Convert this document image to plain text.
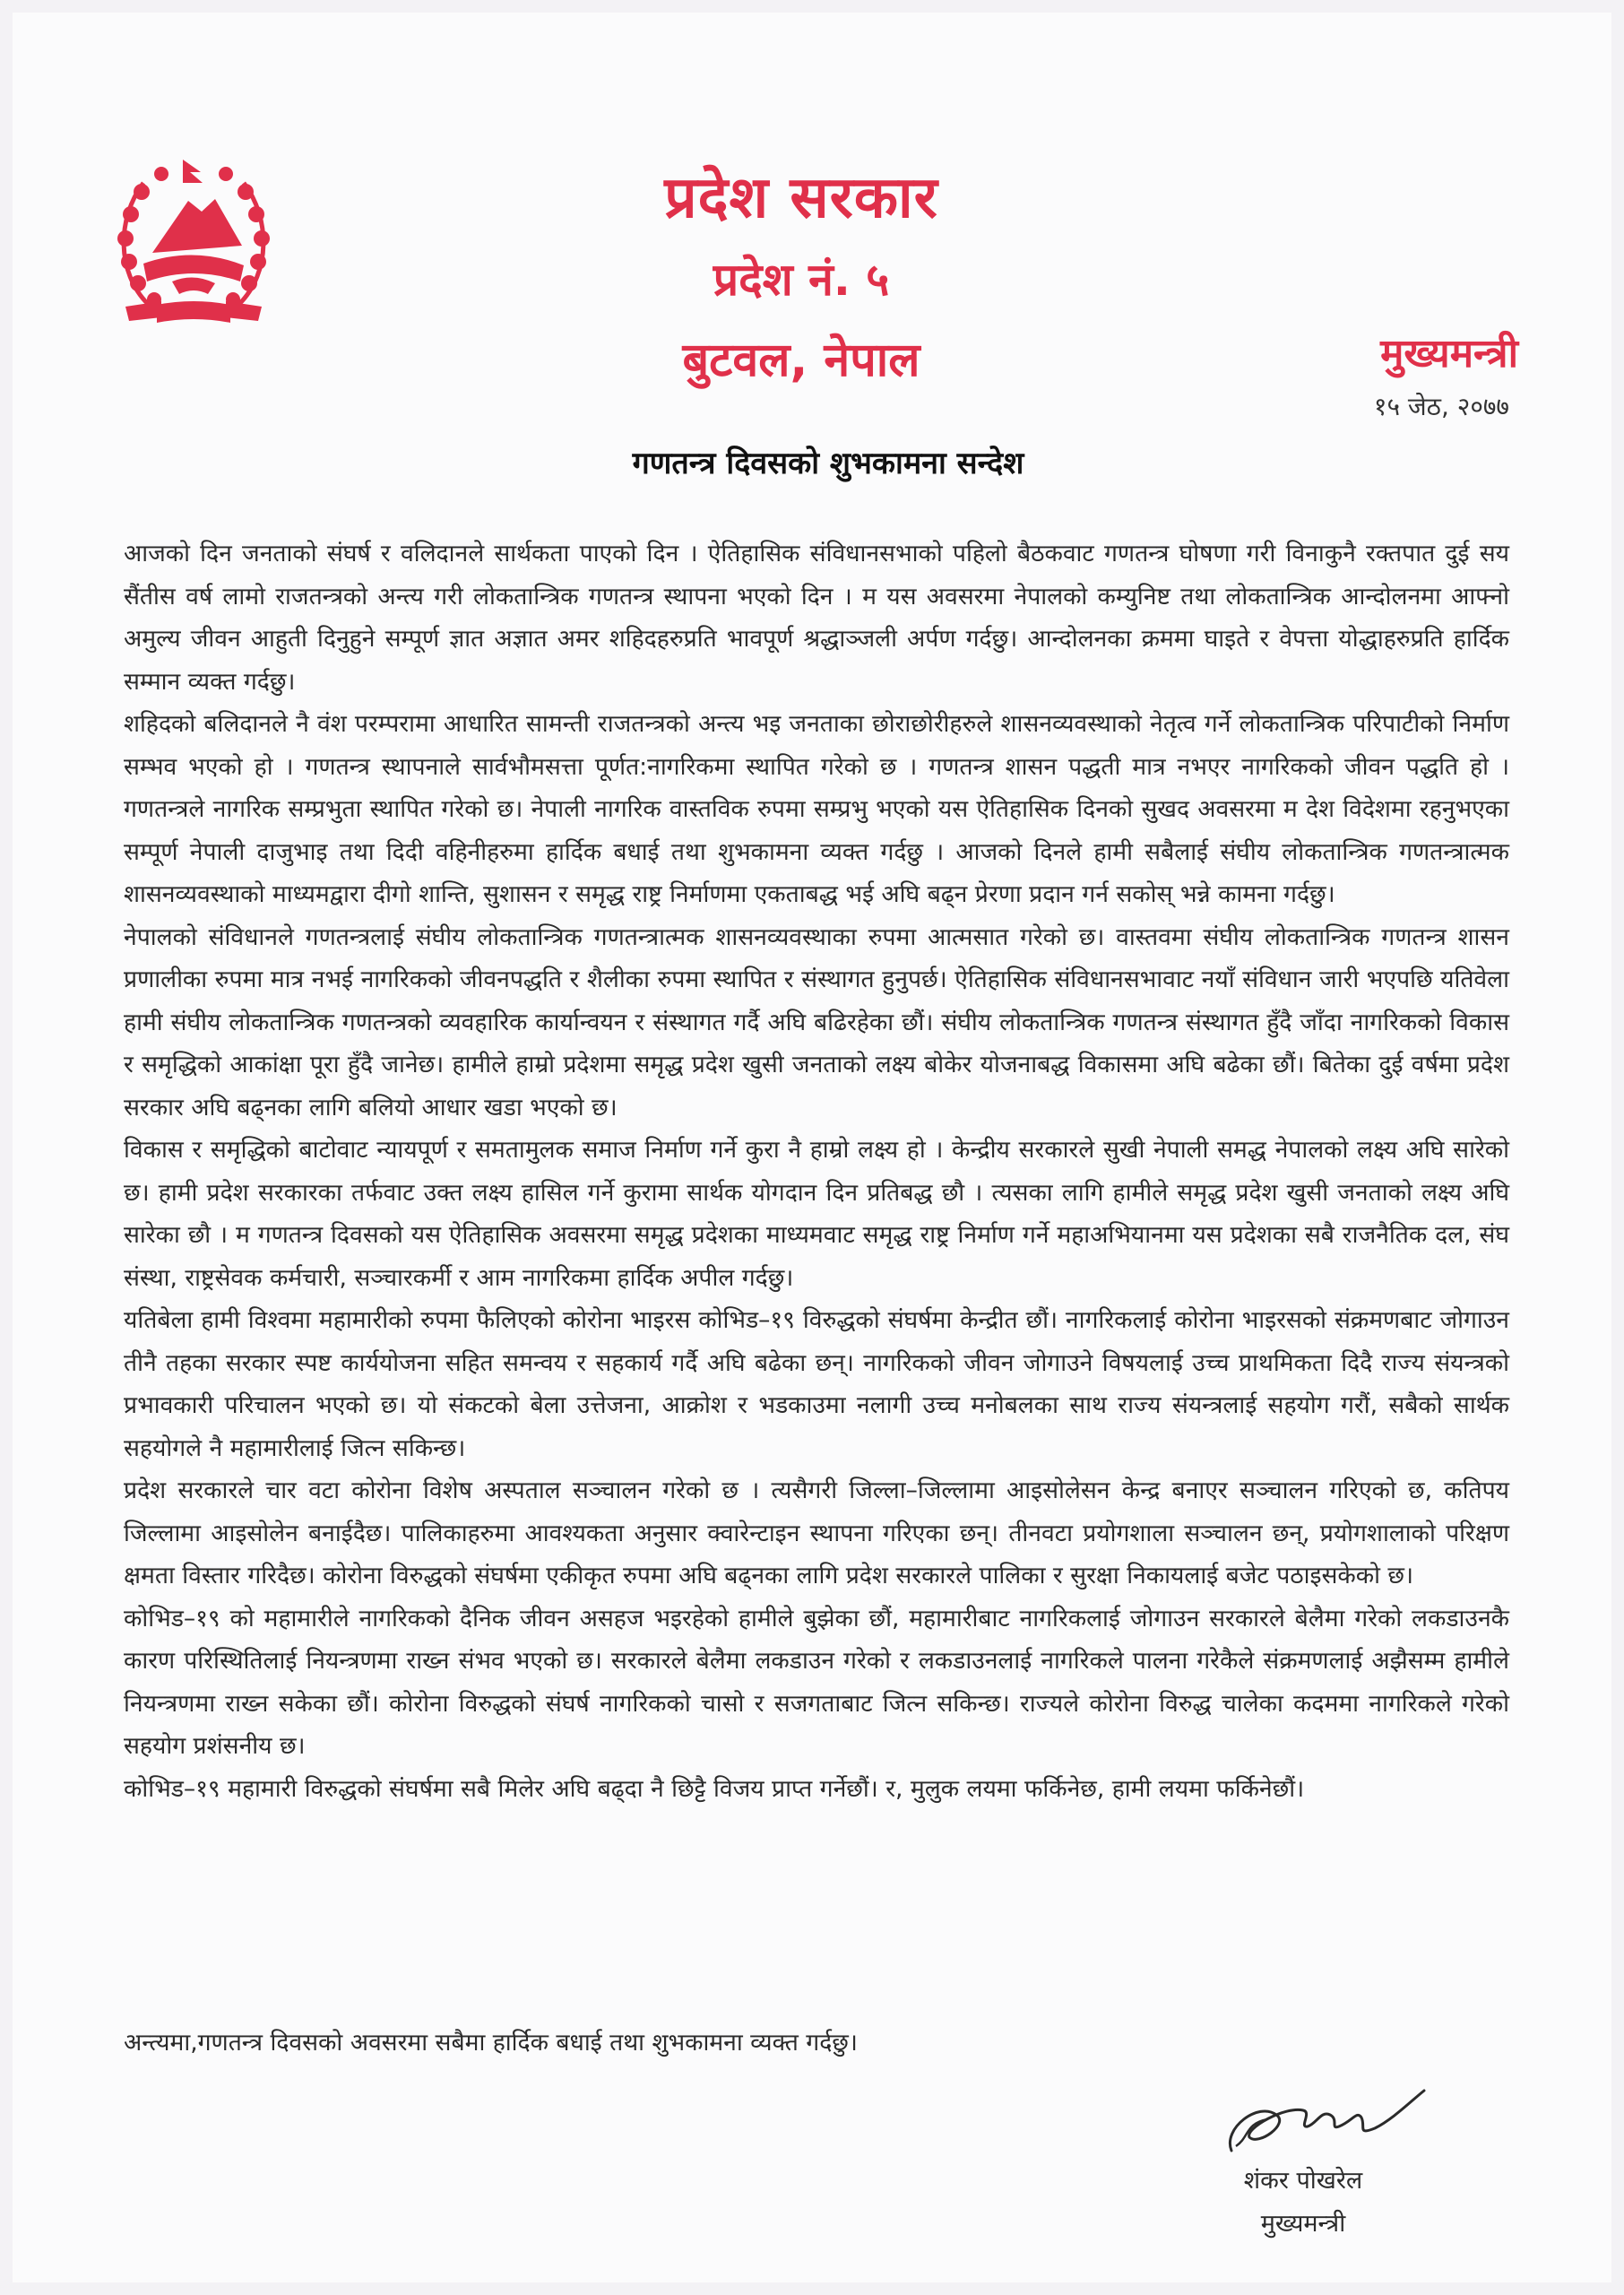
प्रदेश सरकार
प्रदेश नं. ५
बुटवल, नेपाल	मुख्यमन्त्री
१५ जेठ, २०७७
गणतन्त्र दिवसको शुभकामना सन्देश

आजको दिन जनताको संघर्ष र वलिदानले सार्थकता पाएको दिन । ऐतिहासिक संविधानसभाको पहिलो बैठकवाट गणतन्त्र घोषणा गरी विनाकुनै रक्तपात दुई सय सैंतीस वर्ष लामो राजतन्त्रको अन्त्य गरी लोकतान्त्रिक गणतन्त्र स्थापना भएको दिन । म यस अवसरमा नेपालको कम्युनिष्ट तथा लोकतान्त्रिक आन्दोलनमा आफ्नो अमुल्य जीवन आहुती दिनुहुने सम्पूर्ण ज्ञात अज्ञात अमर शहिदहरुप्रति भावपूर्ण श्रद्धाञ्जली अर्पण गर्दछु। आन्दोलनका क्रममा घाइते र वेपत्ता योद्धाहरुप्रति हार्दिक सम्मान व्यक्त गर्दछु।

शहिदको बलिदानले नै वंश परम्परामा आधारित सामन्ती राजतन्त्रको अन्त्य भइ जनताका छोराछोरीहरुले शासनव्यवस्थाको नेतृत्व गर्ने लोकतान्त्रिक परिपाटीको निर्माण सम्भव भएको हो । गणतन्त्र स्थापनाले सार्वभौमसत्ता पूर्णत:नागरिकमा स्थापित गरेको छ । गणतन्त्र शासन पद्धती मात्र नभएर नागरिकको जीवन पद्धति हो । गणतन्त्रले नागरिक सम्प्रभुता स्थापित गरेको छ। नेपाली नागरिक वास्तविक रुपमा सम्प्रभु भएको यस ऐतिहासिक दिनको सुखद अवसरमा म देश विदेशमा रहनुभएका सम्पूर्ण नेपाली दाजुभाइ तथा दिदी वहिनीहरुमा हार्दिक बधाई तथा शुभकामना व्यक्त गर्दछु । आजको दिनले हामी सबैलाई संघीय लोकतान्त्रिक गणतन्त्रात्मक शासनव्यवस्थाको माध्यमद्वारा दीगो शान्ति, सुशासन र समृद्ध राष्ट्र निर्माणमा एकताबद्ध भई अघि बढ्न प्रेरणा प्रदान गर्न सकोस् भन्ने कामना गर्दछु।

नेपालको संविधानले गणतन्त्रलाई संघीय लोकतान्त्रिक गणतन्त्रात्मक शासनव्यवस्थाका रुपमा आत्मसात गरेको छ। वास्तवमा संघीय लोकतान्त्रिक गणतन्त्र शासन प्रणालीका रुपमा मात्र नभई नागरिकको जीवनपद्धति र शैलीका रुपमा स्थापित र संस्थागत हुनुपर्छ। ऐतिहासिक संविधानसभावाट नयाँ संविधान जारी भएपछि यतिवेला हामी संघीय लोकतान्त्रिक गणतन्त्रको व्यवहारिक कार्यान्वयन र संस्थागत गर्दै अघि बढिरहेका छौं। संघीय लोकतान्त्रिक गणतन्त्र संस्थागत हुँदै जाँदा नागरिकको विकास र समृद्धिको आकांक्षा पूरा हुँदै जानेछ। हामीले हाम्रो प्रदेशमा समृद्ध प्रदेश खुसी जनताको लक्ष्य बोकेर योजनाबद्ध विकासमा अघि बढेका छौं। बितेका दुई वर्षमा प्रदेश सरकार अघि बढ्नका लागि बलियो आधार खडा भएको छ।

विकास र समृद्धिको बाटोवाट न्यायपूर्ण र समतामुलक समाज निर्माण गर्ने कुरा नै हाम्रो लक्ष्य हो । केन्द्रीय सरकारले सुखी नेपाली समद्ध नेपालको लक्ष्य अघि सारेको छ। हामी प्रदेश सरकारका तर्फवाट उक्त लक्ष्य हासिल गर्ने कुरामा सार्थक योगदान दिन प्रतिबद्ध छौ । त्यसका लागि हामीले समृद्ध प्रदेश खुसी जनताको लक्ष्य अघि सारेका छौ । म गणतन्त्र दिवसको यस ऐतिहासिक अवसरमा समृद्ध प्रदेशका माध्यमवाट समृद्ध राष्ट्र निर्माण गर्ने महाअभियानमा यस प्रदेशका सबै राजनैतिक दल, संघ संस्था, राष्ट्रसेवक कर्मचारी, सञ्चारकर्मी र आम नागरिकमा हार्दिक अपील गर्दछु।

यतिबेला हामी विश्वमा महामारीको रुपमा फैलिएको कोरोना भाइरस कोभिड–१९ विरुद्धको संघर्षमा केन्द्रीत छौं। नागरिकलाई कोरोना भाइरसको संक्रमणबाट जोगाउन तीनै तहका सरकार स्पष्ट कार्ययोजना सहित समन्वय र सहकार्य गर्दै अघि बढेका छन्। नागरिकको जीवन जोगाउने विषयलाई उच्च प्राथमिकता दिदै राज्य संयन्त्रको प्रभावकारी परिचालन भएको छ। यो संकटको बेला उत्तेजना, आक्रोश र भडकाउमा नलागी उच्च मनोबलका साथ राज्य संयन्त्रलाई सहयोग गरौं, सबैको सार्थक सहयोगले नै महामारीलाई जित्न सकिन्छ।

प्रदेश सरकारले चार वटा कोरोना विशेष अस्पताल सञ्चालन गरेको छ । त्यसैगरी जिल्ला–जिल्लामा आइसोलेसन केन्द्र बनाएर सञ्चालन गरिएको छ, कतिपय जिल्लामा आइसोलेन बनाईदैछ। पालिकाहरुमा आवश्यकता अनुसार क्वारेन्टाइन स्थापना गरिएका छन्। तीनवटा प्रयोगशाला सञ्चालन छन्, प्रयोगशालाको परिक्षण क्षमता विस्तार गरिदैछ। कोरोना विरुद्धको संघर्षमा एकीकृत रुपमा अघि बढ्नका लागि प्रदेश सरकारले पालिका र सुरक्षा निकायलाई बजेट पठाइसकेको छ।

कोभिड–१९ को महामारीले नागरिकको दैनिक जीवन असहज भइरहेको हामीले बुझेका छौं, महामारीबाट नागरिकलाई जोगाउन सरकारले बेलैमा गरेको लकडाउनकै कारण परिस्थितिलाई नियन्त्रणमा राख्न संभव भएको छ। सरकारले बेलैमा लकडाउन गरेको र लकडाउनलाई नागरिकले पालना गरेकैले संक्रमणलाई अझैसम्म हामीले नियन्त्रणमा राख्न सकेका छौं। कोरोना विरुद्धको संघर्ष नागरिकको चासो र सजगताबाट जित्न सकिन्छ। राज्यले कोरोना विरुद्ध चालेका कदममा नागरिकले गरेको सहयोग प्रशंसनीय छ।

कोभिड–१९ महामारी विरुद्धको संघर्षमा सबै मिलेर अघि बढ्दा नै छिट्टै विजय प्राप्त गर्नेछौं। र, मुलुक लयमा फर्किनेछ, हामी लयमा फर्किनेछौं।

अन्त्यमा,गणतन्त्र दिवसको अवसरमा सबैमा हार्दिक बधाई तथा शुभकामना व्यक्त गर्दछु।
शंकर पोखरेल
मुख्यमन्त्री
